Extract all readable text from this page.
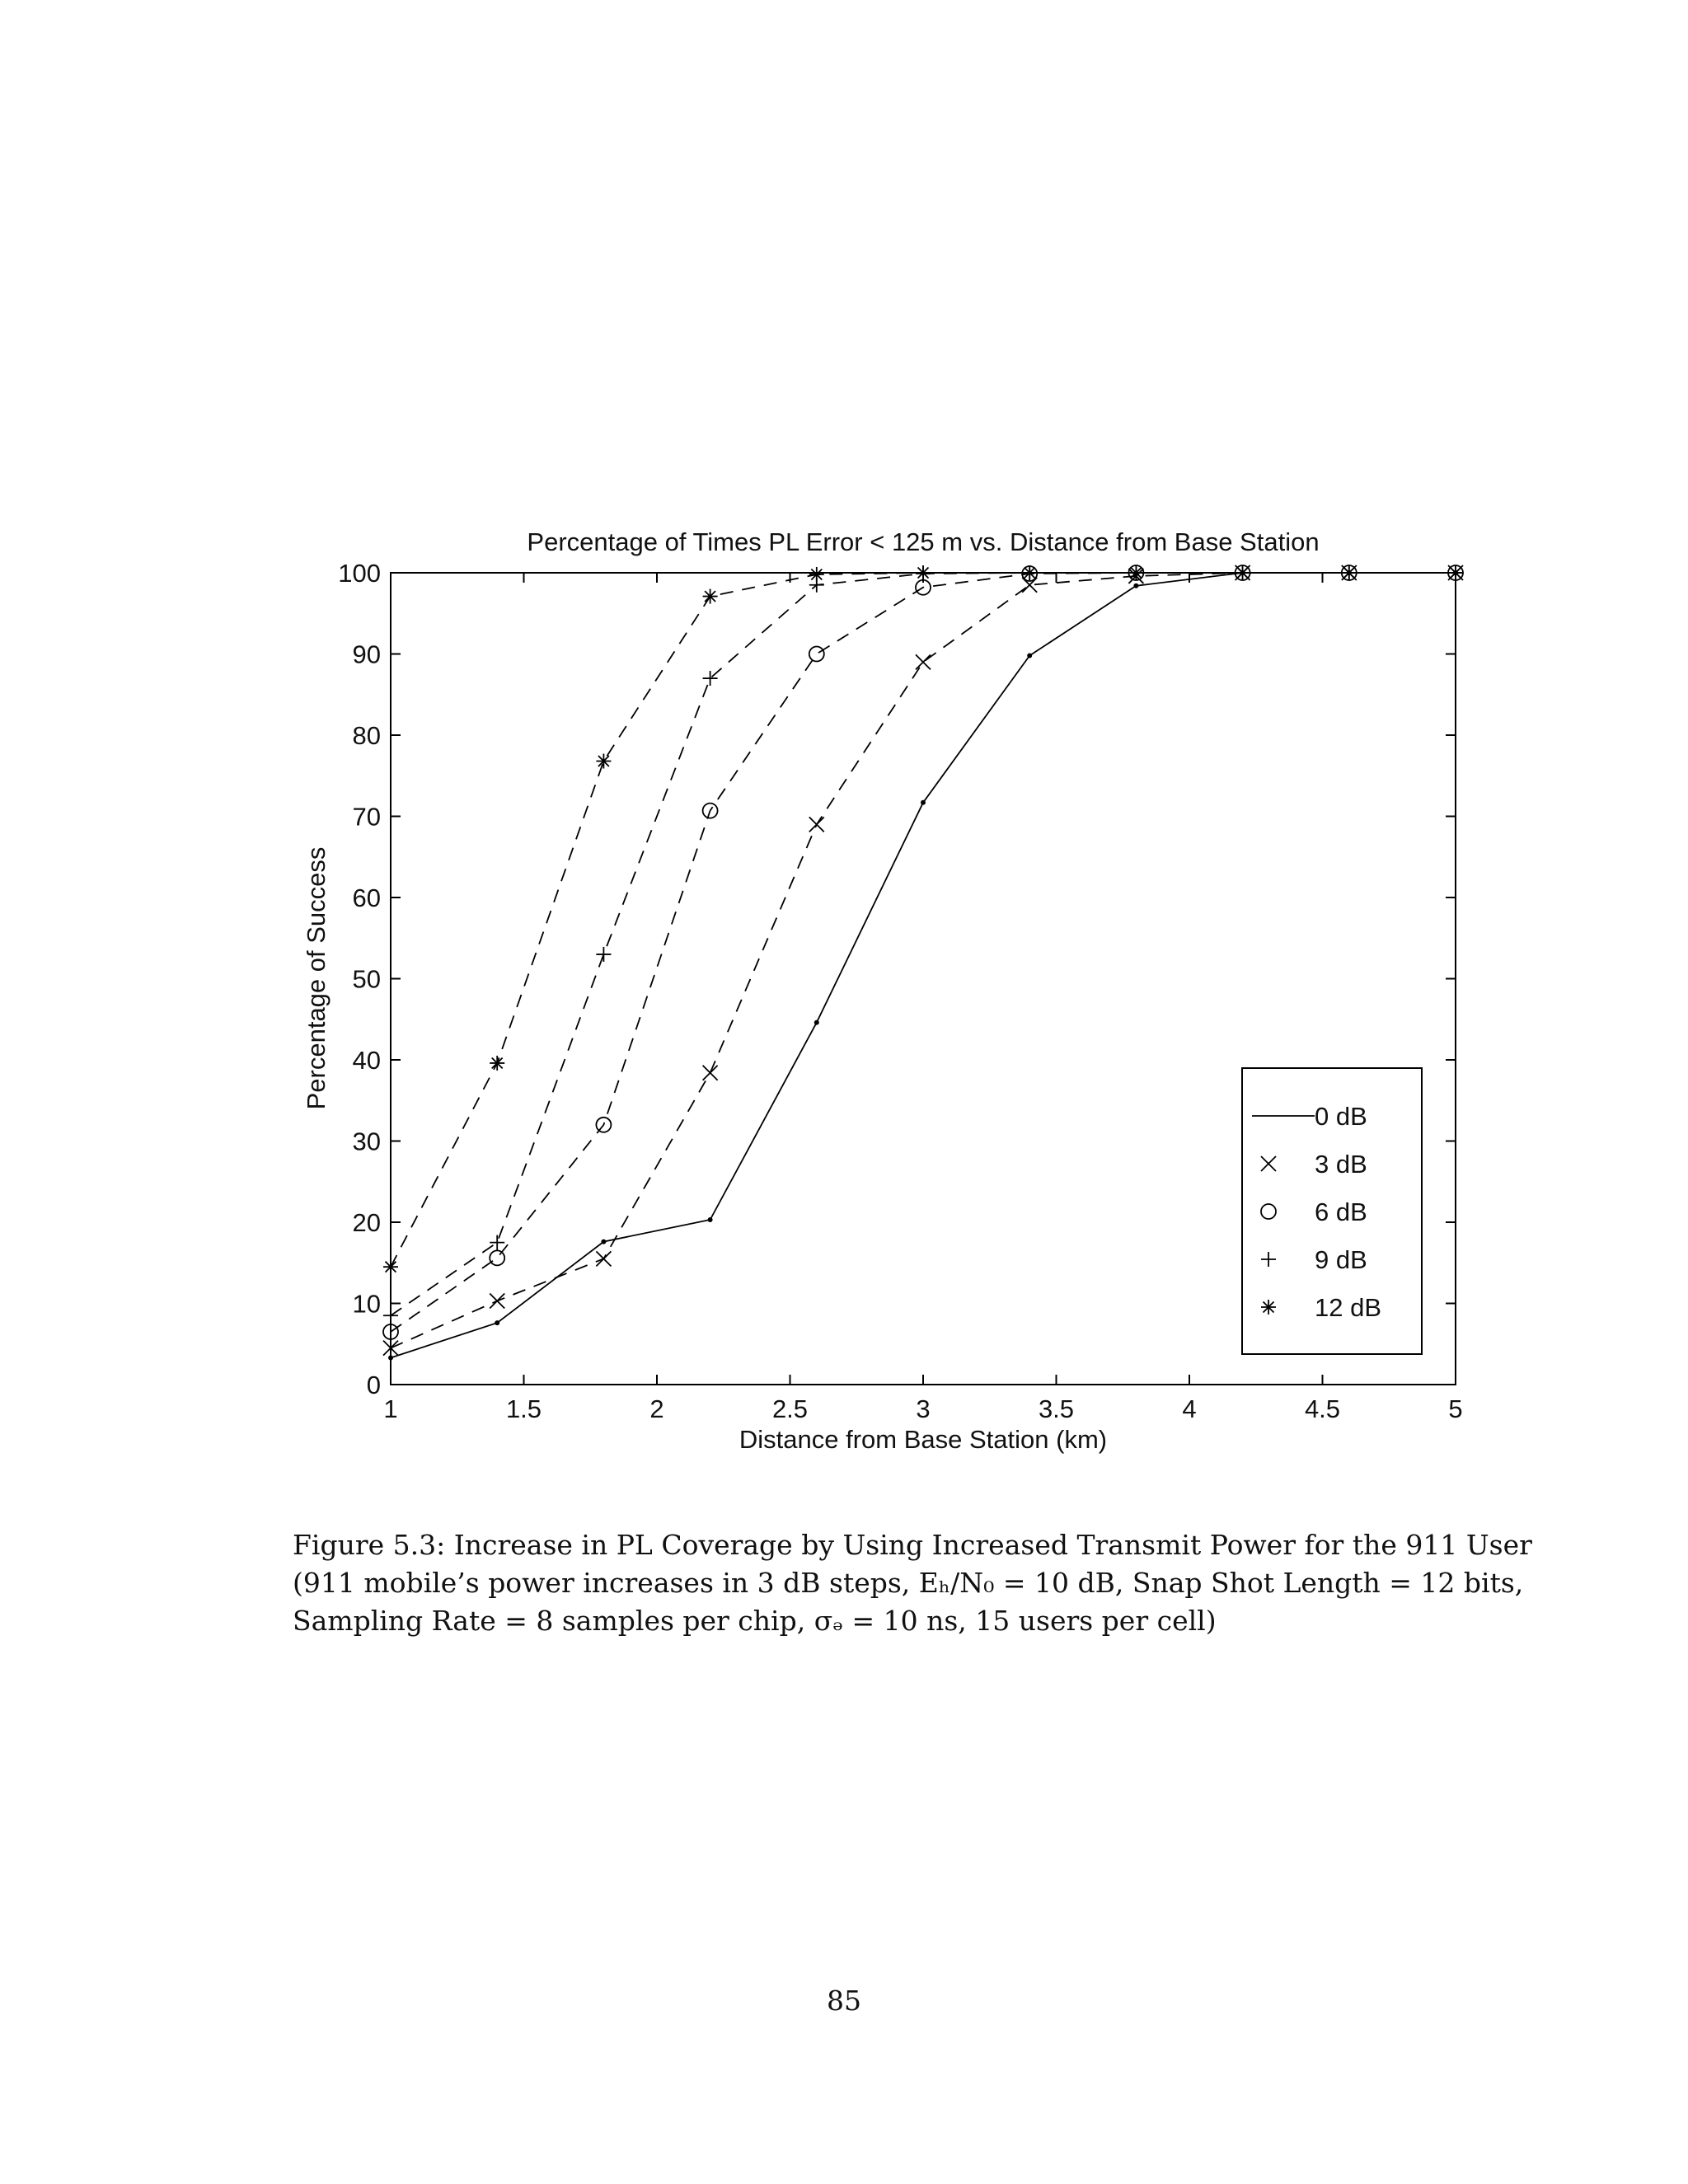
1	1.5	2	2.5	3	3.5	4	4.5	5
0
10
20
30
40
50
60
70
80
90
100
Percentage of Times PL Error < 125 m vs. Distance from Base Station
Distance from Base Station (km)
Percentage of Success
0 dB
3 dB
6 dB
9 dB
12 dB
Figure 5.3: Increase in PL Coverage by Using Increased Transmit Power for the 911 User
(911 mobile’s power increases in 3 dB steps, Eₕ/N₀ = 10 dB, Snap Shot Length = 12 bits,
Sampling Rate = 8 samples per chip, σₔ = 10 ns, 15 users per cell)
85
